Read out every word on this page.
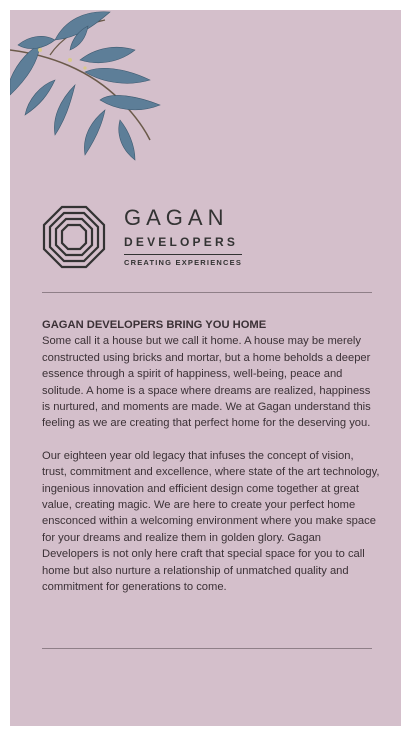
GAGAN
DEVELOPERS
CREATING EXPERIENCES

GAGAN DEVELOPERS BRING YOU HOME

Some call it a house but we call it home. A house may be merely constructed using bricks and mortar, but a home beholds a deeper essence through a spirit of happiness, well-being, peace and solitude. A home is a space where dreams are realized, happiness is nurtured, and moments are made. We at Gagan understand this feeling as we are creating that perfect home for the deserving you.

Our eighteen year old legacy that infuses the concept of vision, trust, commitment and excellence, where state of the art technology, ingenious innovation and efficient design come together at great value, creating magic. We are here to create your perfect home ensconced within a welcoming environment where you make space for your dreams and realize them in golden glory. Gagan Developers is not only here craft that special space for you to call home but also nurture a relationship of unmatched quality and commitment for generations to come.
